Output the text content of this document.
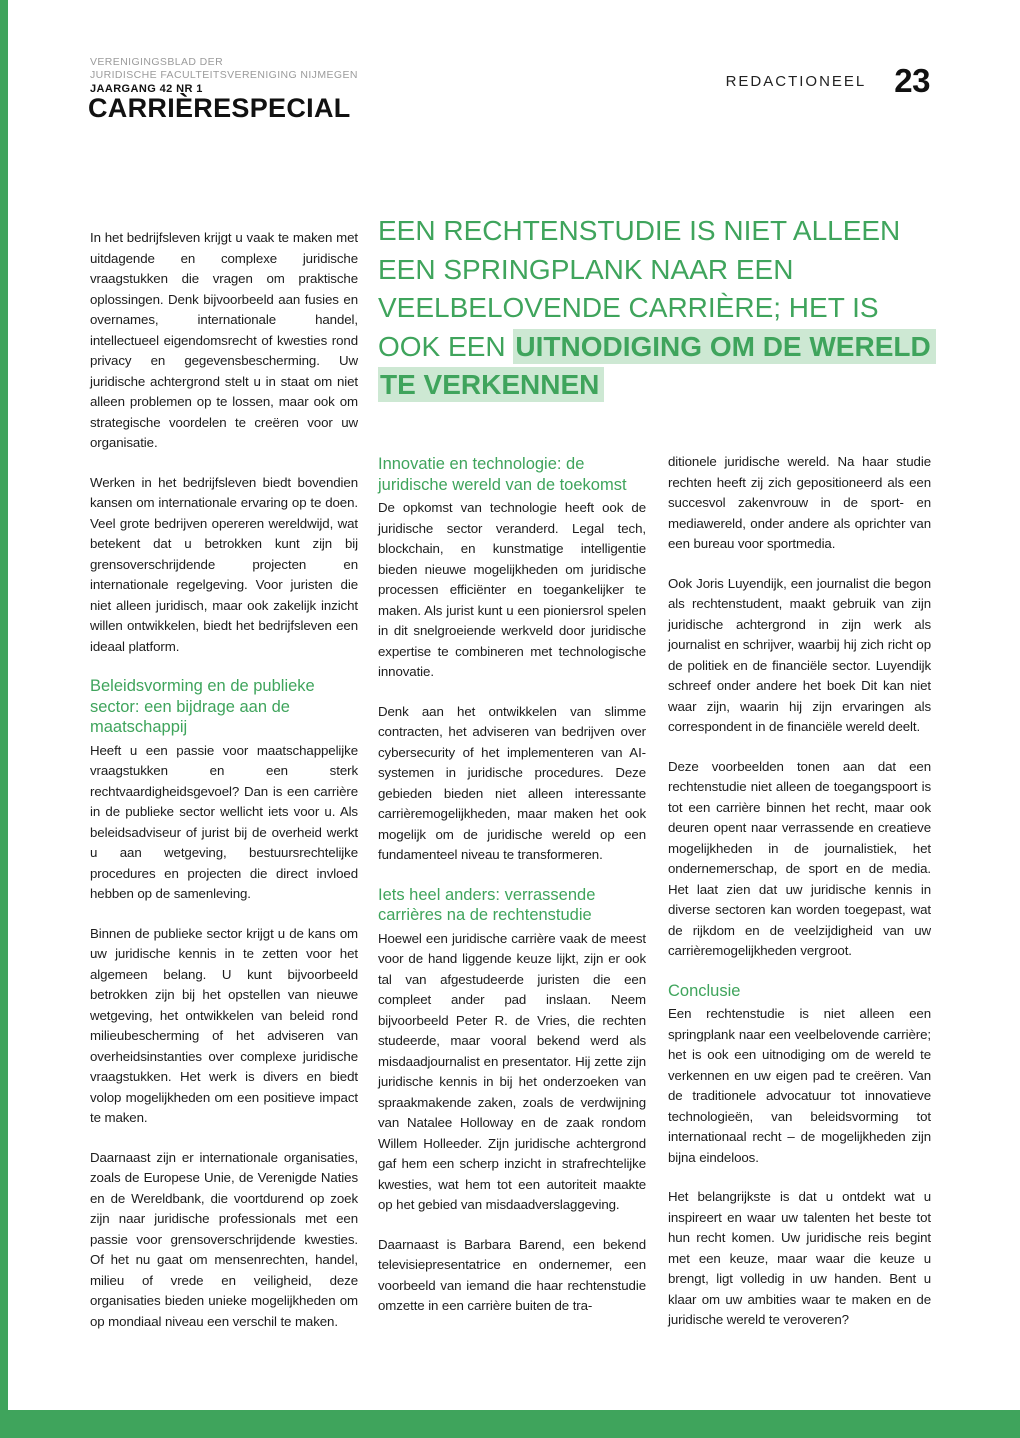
VERENIGINGSBLAD DER
JURIDISCHE FACULTEITSVERENIGING NIJMEGEN
JAARGANG 42 NR 1
CARRIÈRESPECIAL
REDACTIONEEL 23
EEN RECHTENSTUDIE IS NIET ALLEEN EEN SPRINGPLANK NAAR EEN VEELBELOVENDE CARRIÈRE; HET IS OOK EEN UITNODIGING OM DE WERELD TE VERKENNEN
In het bedrijfsleven krijgt u vaak te maken met uitdagende en complexe juridische vraagstukken die vragen om praktische oplossingen. Denk bijvoorbeeld aan fusies en overnames, internationale handel, intellectueel eigendomsrecht of kwesties rond privacy en gegevensbescherming. Uw juridische achtergrond stelt u in staat om niet alleen problemen op te lossen, maar ook om strategische voordelen te creëren voor uw organisatie.
Werken in het bedrijfsleven biedt bovendien kansen om internationale ervaring op te doen. Veel grote bedrijven opereren wereldwijd, wat betekent dat u betrokken kunt zijn bij grensoverschrijdende projecten en internationale regelgeving. Voor juristen die niet alleen juridisch, maar ook zakelijk inzicht willen ontwikkelen, biedt het bedrijfsleven een ideaal platform.
Beleidsvorming en de publieke sector: een bijdrage aan de maatschappij
Heeft u een passie voor maatschappelijke vraagstukken en een sterk rechtvaardigheidsgevoel? Dan is een carrière in de publieke sector wellicht iets voor u. Als beleidsadviseur of jurist bij de overheid werkt u aan wetgeving, bestuursrechtelijke procedures en projecten die direct invloed hebben op de samenleving.
Binnen de publieke sector krijgt u de kans om uw juridische kennis in te zetten voor het algemeen belang. U kunt bijvoorbeeld betrokken zijn bij het opstellen van nieuwe wetgeving, het ontwikkelen van beleid rond milieubescherming of het adviseren van overheidsinstanties over complexe juridische vraagstukken. Het werk is divers en biedt volop mogelijkheden om een positieve impact te maken.
Daarnaast zijn er internationale organisaties, zoals de Europese Unie, de Verenigde Naties en de Wereldbank, die voortdurend op zoek zijn naar juridische professionals met een passie voor grensoverschrijdende kwesties. Of het nu gaat om mensenrechten, handel, milieu of vrede en veiligheid, deze organisaties bieden unieke mogelijkheden om op mondiaal niveau een verschil te maken.
Innovatie en technologie: de juridische wereld van de toekomst
De opkomst van technologie heeft ook de juridische sector veranderd. Legal tech, blockchain, en kunstmatige intelligentie bieden nieuwe mogelijkheden om juridische processen efficiënter en toegankelijker te maken. Als jurist kunt u een pioniersrol spelen in dit snelgroeiende werkveld door juridische expertise te combineren met technologische innovatie.
Denk aan het ontwikkelen van slimme contracten, het adviseren van bedrijven over cybersecurity of het implementeren van AI-systemen in juridische procedures. Deze gebieden bieden niet alleen interessante carrièremogelijkheden, maar maken het ook mogelijk om de juridische wereld op een fundamenteel niveau te transformeren.
Iets heel anders: verrassende carrières na de rechtenstudie
Hoewel een juridische carrière vaak de meest voor de hand liggende keuze lijkt, zijn er ook tal van afgestudeerde juristen die een compleet ander pad inslaan. Neem bijvoorbeeld Peter R. de Vries, die rechten studeerde, maar vooral bekend werd als misdaadjournalist en presentator. Hij zette zijn juridische kennis in bij het onderzoeken van spraakmakende zaken, zoals de verdwijning van Natalee Holloway en de zaak rondom Willem Holleeder. Zijn juridische achtergrond gaf hem een scherp inzicht in strafrechtelijke kwesties, wat hem tot een autoriteit maakte op het gebied van misdaadverslaggeving.
Daarnaast is Barbara Barend, een bekend televisiepresentatrice en ondernemer, een voorbeeld van iemand die haar rechtenstudie omzette in een carrière buiten de tra-
ditionele juridische wereld. Na haar studie rechten heeft zij zich gepositioneerd als een succesvol zakenvrouw in de sport- en mediawereld, onder andere als oprichter van een bureau voor sportmedia.
Ook Joris Luyendijk, een journalist die begon als rechtenstudent, maakt gebruik van zijn juridische achtergrond in zijn werk als journalist en schrijver, waarbij hij zich richt op de politiek en de financiële sector. Luyendijk schreef onder andere het boek Dit kan niet waar zijn, waarin hij zijn ervaringen als correspondent in de financiële wereld deelt.
Deze voorbeelden tonen aan dat een rechtenstudie niet alleen de toegangspoort is tot een carrière binnen het recht, maar ook deuren opent naar verrassende en creatieve mogelijkheden in de journalistiek, het ondernemerschap, de sport en de media. Het laat zien dat uw juridische kennis in diverse sectoren kan worden toegepast, wat de rijkdom en de veelzijdigheid van uw carrièremogelijkheden vergroot.
Conclusie
Een rechtenstudie is niet alleen een springplank naar een veelbelovende carrière; het is ook een uitnodiging om de wereld te verkennen en uw eigen pad te creëren. Van de traditionele advocatuur tot innovatieve technologieën, van beleidsvorming tot internationaal recht – de mogelijkheden zijn bijna eindeloos.
Het belangrijkste is dat u ontdekt wat u inspireert en waar uw talenten het beste tot hun recht komen. Uw juridische reis begint met een keuze, maar waar die keuze u brengt, ligt volledig in uw handen. Bent u klaar om uw ambities waar te maken en de juridische wereld te veroveren?
